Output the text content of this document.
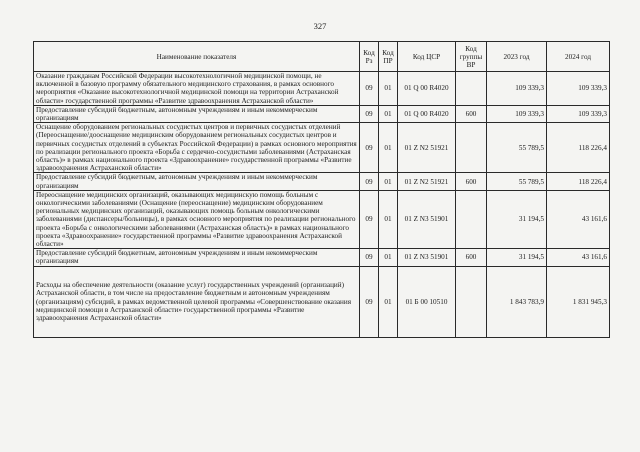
327
Наименование показателя	Код Рз	Код ПР	Код ЦСР	Код группы ВР	2023 год	2024 год
Оказание гражданам Российской Федерации высокотехнологичной медицинской помощи, не включенной в базовую программу обязательного медицинского страхования, в рамках основного мероприятия «Оказание высокотехнологичной медицинской помощи на территории Астраханской области» государственной программы «Развитие здравоохранения Астраханской области»	09	01	01 Q 00 R4020		109 339,3	109 339,3
Предоставление субсидий бюджетным, автономным учреждениям и иным некоммерческим организациям	09	01	01 Q 00 R4020	600	109 339,3	109 339,3
Оснащение оборудованием региональных сосудистых центров и первичных сосудистых отделений (Переоснащение/дооснащение медицинским оборудованием региональных сосудистых центров и первичных сосудистых отделений в субъектах Российской Федерации) в рамках основного мероприятия по реализации регионального проекта «Борьба с сердечно-сосудистыми заболеваниями (Астраханская область)» в рамках национального проекта «Здравоохранение» государственной программы «Развитие здравоохранения Астраханской области»	09	01	01 Z N2 51921		55 789,5	118 226,4
Предоставление субсидий бюджетным, автономным учреждениям и иным некоммерческим организациям	09	01	01 Z N2 51921	600	55 789,5	118 226,4
Переоснащение медицинских организаций, оказывающих медицинскую помощь больным с онкологическими заболеваниями (Оснащение (переоснащение) медицинским оборудованием региональных медицинских организаций, оказывающих помощь больным онкологическими заболеваниями (диспансеры/больницы), в рамках основного мероприятия по реализации регионального проекта «Борьба с онкологическими заболеваниями (Астраханская область)» в рамках национального проекта «Здравоохранение» государственной программы «Развитие здравоохранения Астраханской области»	09	01	01 Z N3 51901		31 194,5	43 161,6
Предоставление субсидий бюджетным, автономным учреждениям и иным некоммерческим организациям	09	01	01 Z N3 51901	600	31 194,5	43 161,6
Расходы на обеспечение деятельности (оказание услуг) государственных учреждений (организаций) Астраханской области, в том числе на предоставление бюджетным и автономным учреждениям (организациям) субсидий, в рамках ведомственной целевой программы «Совершенствование оказания медицинской помощи в Астраханской области» государственной программы «Развитие здравоохранения Астраханской области»	09	01	01 Б 00 10510		1 843 783,9	1 831 945,3
